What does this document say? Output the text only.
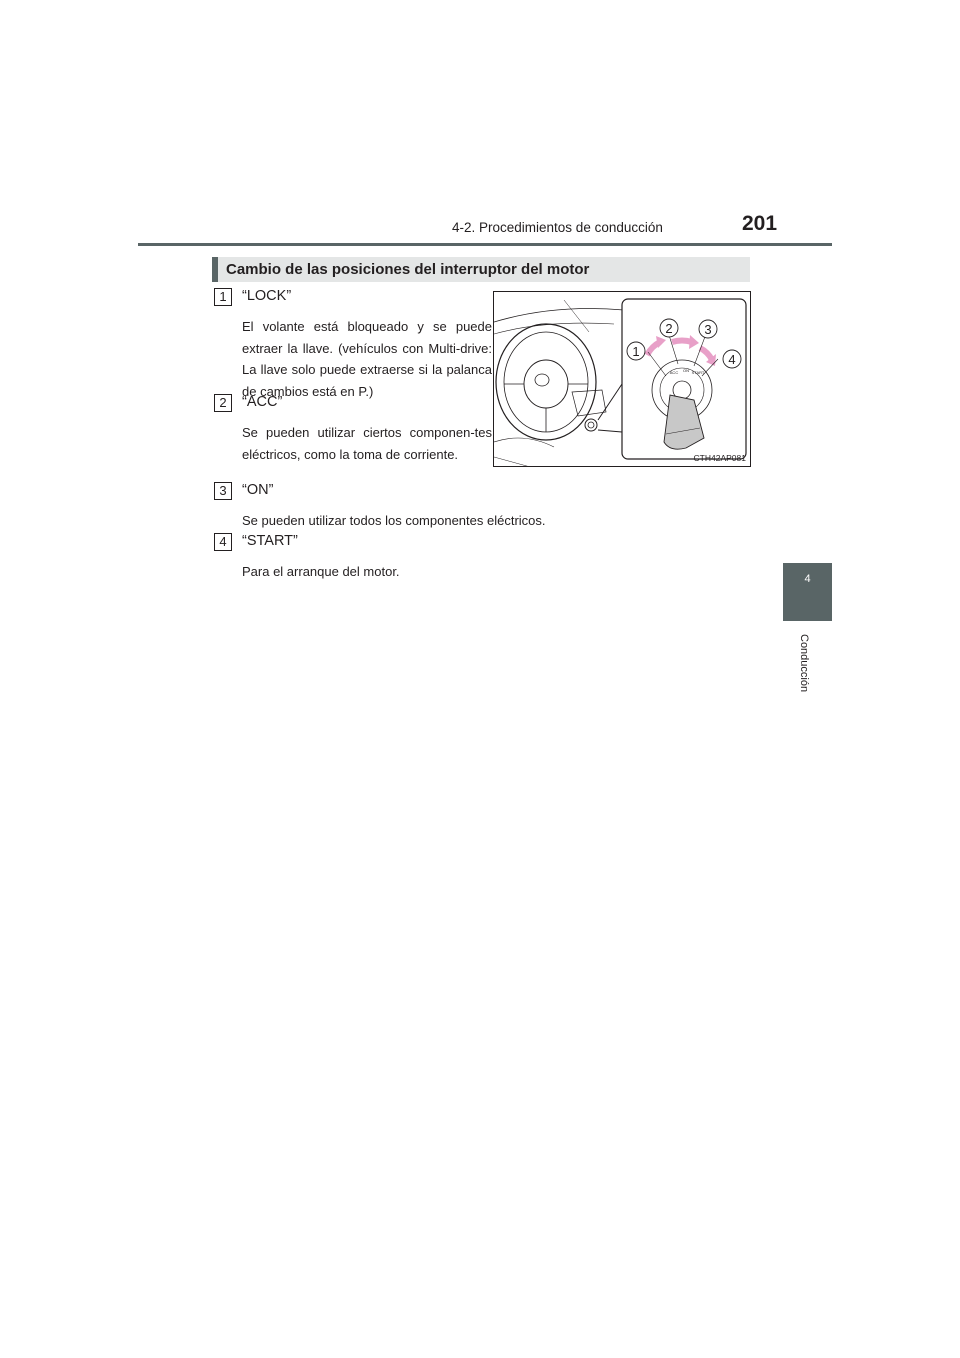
4-2. Procedimientos de conducción	201
4
Conducción
Cambio de las posiciones del interruptor del motor
1	“LOCK”
El volante está bloqueado y se puede extraer la llave. (vehículos con Multi-drive: La llave solo puede extraerse si la palanca de cambios está en P.)
2	“ACC”
Se pueden utilizar ciertos componen-tes eléctricos, como la toma de corriente.
3	“ON”
Se pueden utilizar todos los componentes eléctricos.
4	“START”
Para el arranque del motor.
1
2 3
4
ACC ON START
CTH42AP081
